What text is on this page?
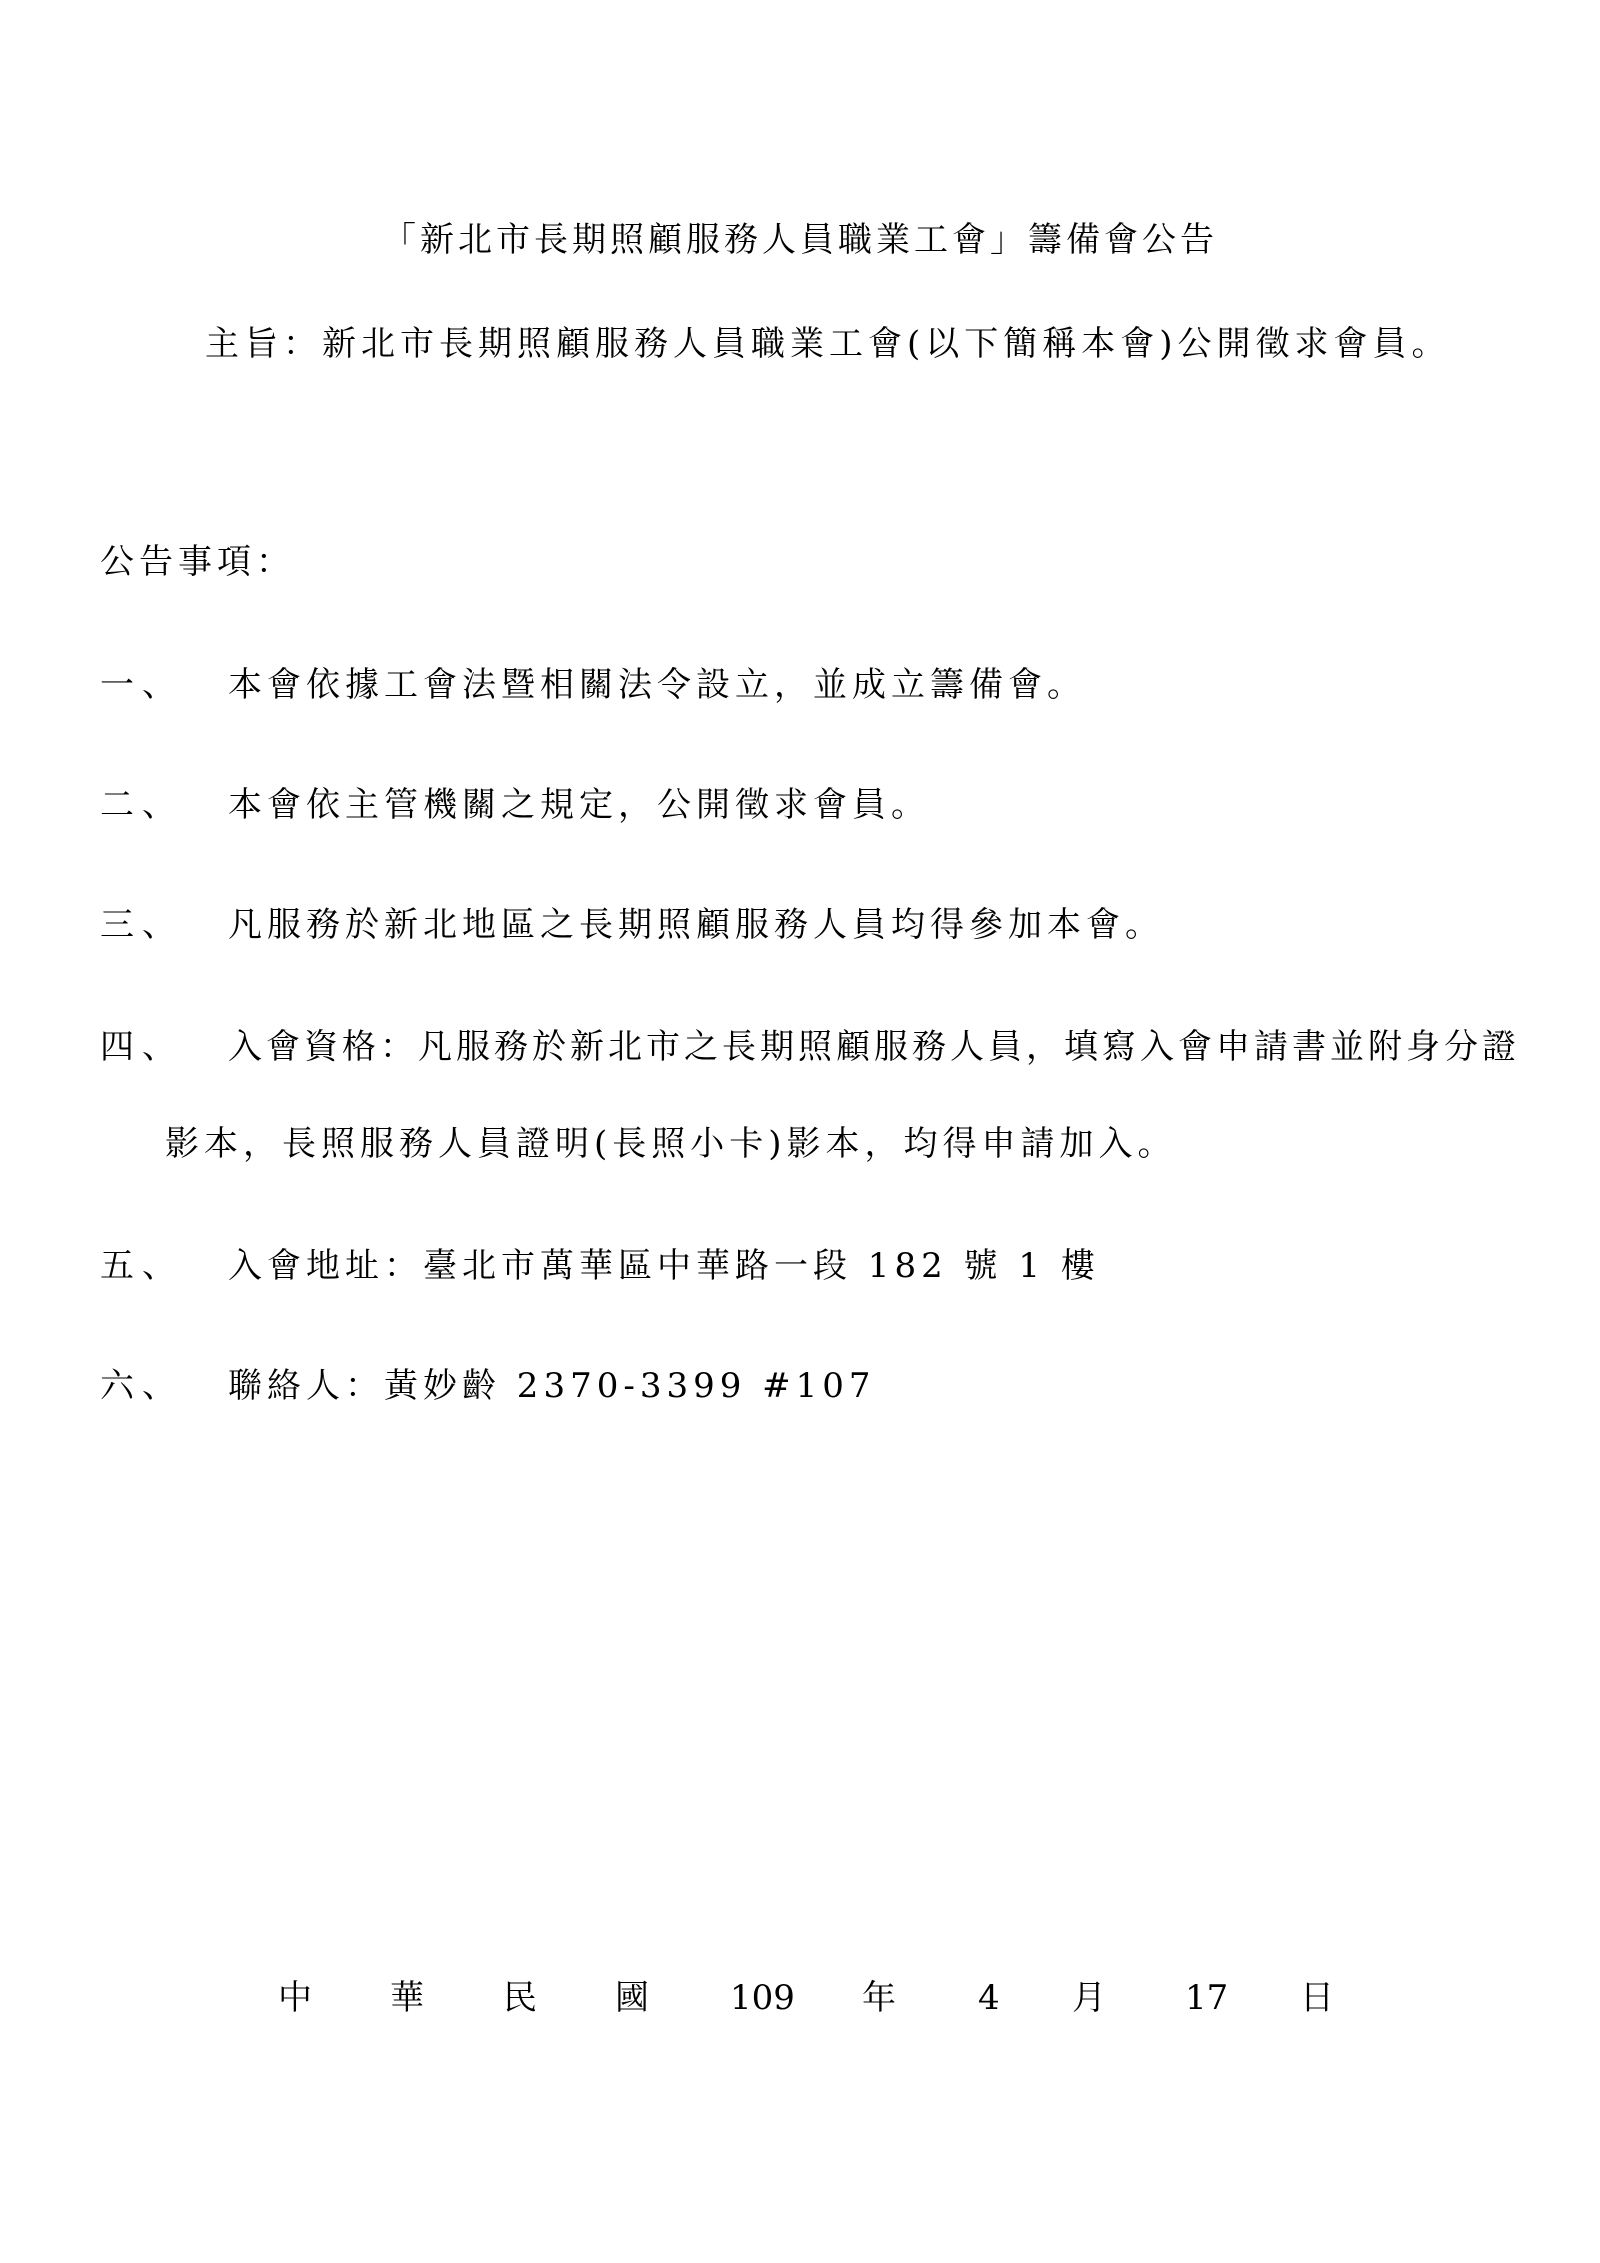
「新北市長期照顧服務人員職業工會」籌備會公告
主旨：新北市長期照顧服務人員職業工會(以下簡稱本會)公開徵求會員。
公告事項：
一、 本會依據工會法暨相關法令設立，並成立籌備會。
二、 本會依主管機關之規定，公開徵求會員。
三、 凡服務於新北地區之長期照顧服務人員均得參加本會。
四、 入會資格：凡服務於新北市之長期照顧服務人員，填寫入會申請書並附身分證
影本，長照服務人員證明(長照小卡)影本，均得申請加入。
五、 入會地址：臺北市萬華區中華路一段 182 號 1 樓
六、 聯絡人：黃妙齡 2370-3399 #107
中 華 民 國 109 年 4 月 17 日
